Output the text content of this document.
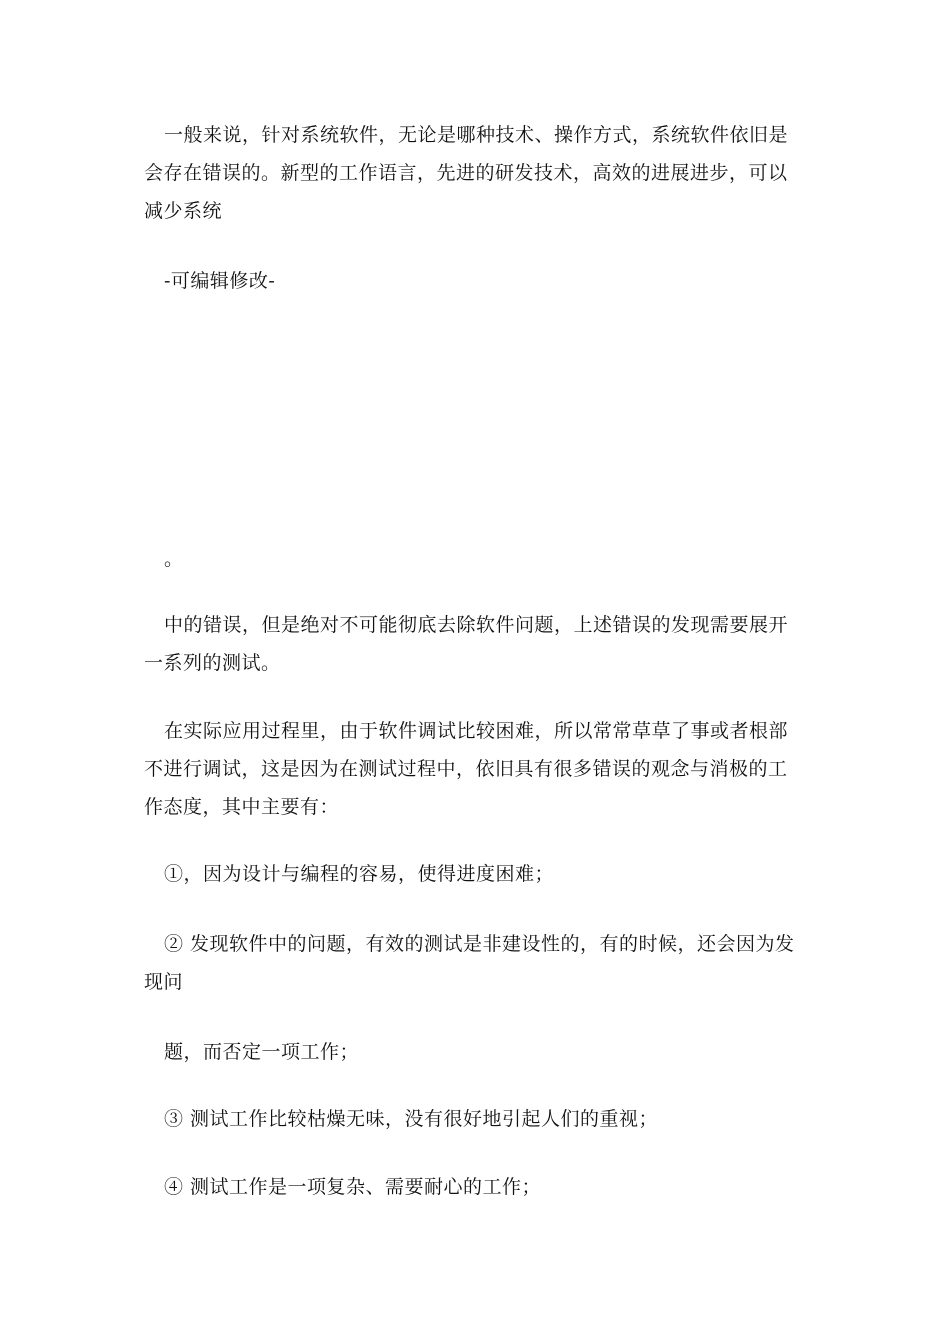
一般来说，针对系统软件，无论是哪种技术、操作方式，系统软件依旧是会存在错误的。新型的工作语言，先进的研发技术，高效的进展进步，可以减少系统

-可编辑修改-

。

中的错误，但是绝对不可能彻底去除软件问题，上述错误的发现需要展开一系列的测试。

在实际应用过程里，由于软件调试比较困难，所以常常草草了事或者根部不进行调试，这是因为在测试过程中，依旧具有很多错误的观念与消极的工作态度，其中主要有：

①，因为设计与编程的容易，使得进度困难；

② 发现软件中的问题，有效的测试是非建设性的，有的时候，还会因为发现问

题，而否定一项工作；

③ 测试工作比较枯燥无味，没有很好地引起人们的重视；

④ 测试工作是一项复杂、需要耐心的工作；
